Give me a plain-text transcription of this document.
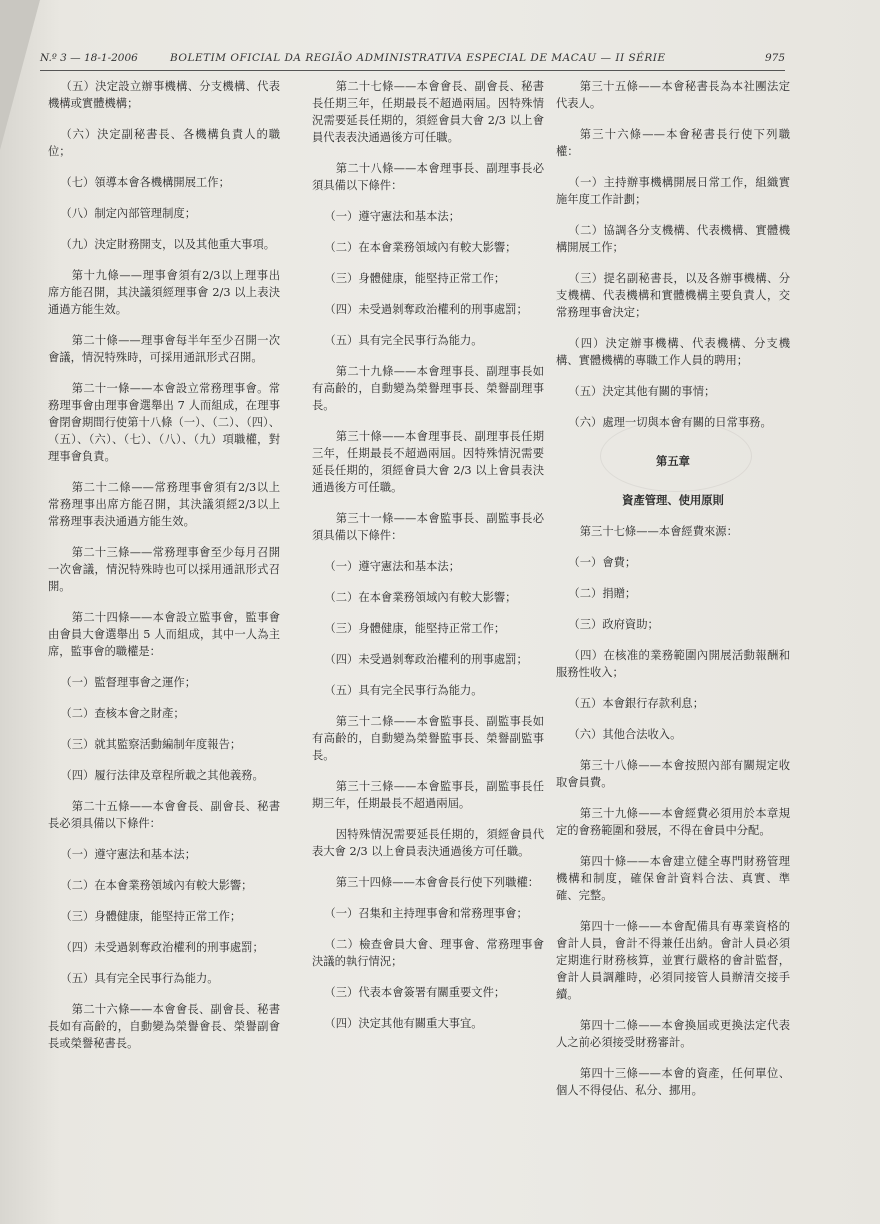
N.º 3 — 18-1-2006	BOLETIM OFICIAL DA REGIÃO ADMINISTRATIVA ESPECIAL DE MACAU — II SÉRIE	975

（五）決定設立辦事機構、分支機構、代表機構或實體機構；

（六）決定副秘書長、各機構負責人的職位；

（七）領導本會各機構開展工作；

（八）制定內部管理制度；

（九）決定財務開支，以及其他重大事項。

第十九條——理事會須有2/3以上理事出席方能召開，其決議須經理事會 2/3 以上表決通過方能生效。

第二十條——理事會每半年至少召開一次會議，情況特殊時，可採用通訊形式召開。

第二十一條——本會設立常務理事會。常務理事會由理事會選舉出 7 人而組成，在理事會閉會期間行使第十八條（一）、（二）、（四）、（五）、（六）、（七）、（八）、（九）項職權，對理事會負責。

第二十二條——常務理事會須有2/3以上常務理事出席方能召開，其決議須經2/3以上常務理事表決通過方能生效。

第二十三條——常務理事會至少每月召開一次會議，情況特殊時也可以採用通訊形式召開。

第二十四條——本會設立監事會，監事會由會員大會選舉出 5 人而組成，其中一人為主席，監事會的職權是：

（一）監督理事會之運作；

（二）查核本會之財產；

（三）就其監察活動編制年度報告；

（四）履行法律及章程所載之其他義務。

第二十五條——本會會長、副會長、秘書長必須具備以下條件：

（一）遵守憲法和基本法；

（二）在本會業務領域內有較大影響；

（三）身體健康，能堅持正常工作；

（四）未受過剝奪政治權利的刑事處罰；

（五）具有完全民事行為能力。

第二十六條——本會會長、副會長、秘書長如有高齡的，自動變為榮譽會長、榮譽副會長或榮譽秘書長。

第二十七條——本會會長、副會長、秘書長任期三年，任期最長不超過兩屆。因特殊情況需要延長任期的，須經會員大會 2/3 以上會員代表表決通過後方可任職。

第二十八條——本會理事長、副理事長必須具備以下條件：

（一）遵守憲法和基本法；

（二）在本會業務領域內有較大影響；

（三）身體健康，能堅持正常工作；

（四）未受過剝奪政治權利的刑事處罰；

（五）具有完全民事行為能力。

第二十九條——本會理事長、副理事長如有高齡的，自動變為榮譽理事長、榮譽副理事長。

第三十條——本會理事長、副理事長任期三年，任期最長不超過兩屆。因特殊情況需要延長任期的，須經會員大會 2/3 以上會員表決通過後方可任職。

第三十一條——本會監事長、副監事長必須具備以下條件：

（一）遵守憲法和基本法；

（二）在本會業務領域內有較大影響；

（三）身體健康，能堅持正常工作；

（四）未受過剝奪政治權利的刑事處罰；

（五）具有完全民事行為能力。

第三十二條——本會監事長、副監事長如有高齡的，自動變為榮譽監事長、榮譽副監事長。

第三十三條——本會監事長，副監事長任期三年，任期最長不超過兩屆。

因特殊情況需要延長任期的，須經會員代表大會 2/3 以上會員表決通過後方可任職。

第三十四條——本會會長行使下列職權：

（一）召集和主持理事會和常務理事會；

（二）檢查會員大會、理事會、常務理事會決議的執行情況；

（三）代表本會簽署有關重要文件；

（四）決定其他有關重大事宜。

第三十五條——本會秘書長為本社團法定代表人。

第三十六條——本會秘書長行使下列職權：

（一）主持辦事機構開展日常工作，組織實施年度工作計劃；

（二）協調各分支機構、代表機構、實體機構開展工作；

（三）提名副秘書長，以及各辦事機構、分支機構、代表機構和實體機構主要負責人，交常務理事會決定；

（四）決定辦事機構、代表機構、分支機構、實體機構的專職工作人員的聘用；

（五）決定其他有關的事情；

（六）處理一切與本會有關的日常事務。

第五章

資產管理、使用原則

第三十七條——本會經費來源：

（一）會費；

（二）捐贈；

（三）政府資助；

（四）在核准的業務範圍內開展活動報酬和服務性收入；

（五）本會銀行存款利息；

（六）其他合法收入。

第三十八條——本會按照內部有關規定收取會員費。

第三十九條——本會經費必須用於本章規定的會務範圍和發展，不得在會員中分配。

第四十條——本會建立健全專門財務管理機構和制度，確保會計資料合法、真實、準確、完整。

第四十一條——本會配備具有專業資格的會計人員，會計不得兼任出納。會計人員必須定期進行財務核算，並實行嚴格的會計監督，會計人員調離時，必須同接管人員辦清交接手續。

第四十二條——本會換屆或更換法定代表人之前必須接受財務審計。

第四十三條——本會的資產，任何單位、個人不得侵佔、私分、挪用。
